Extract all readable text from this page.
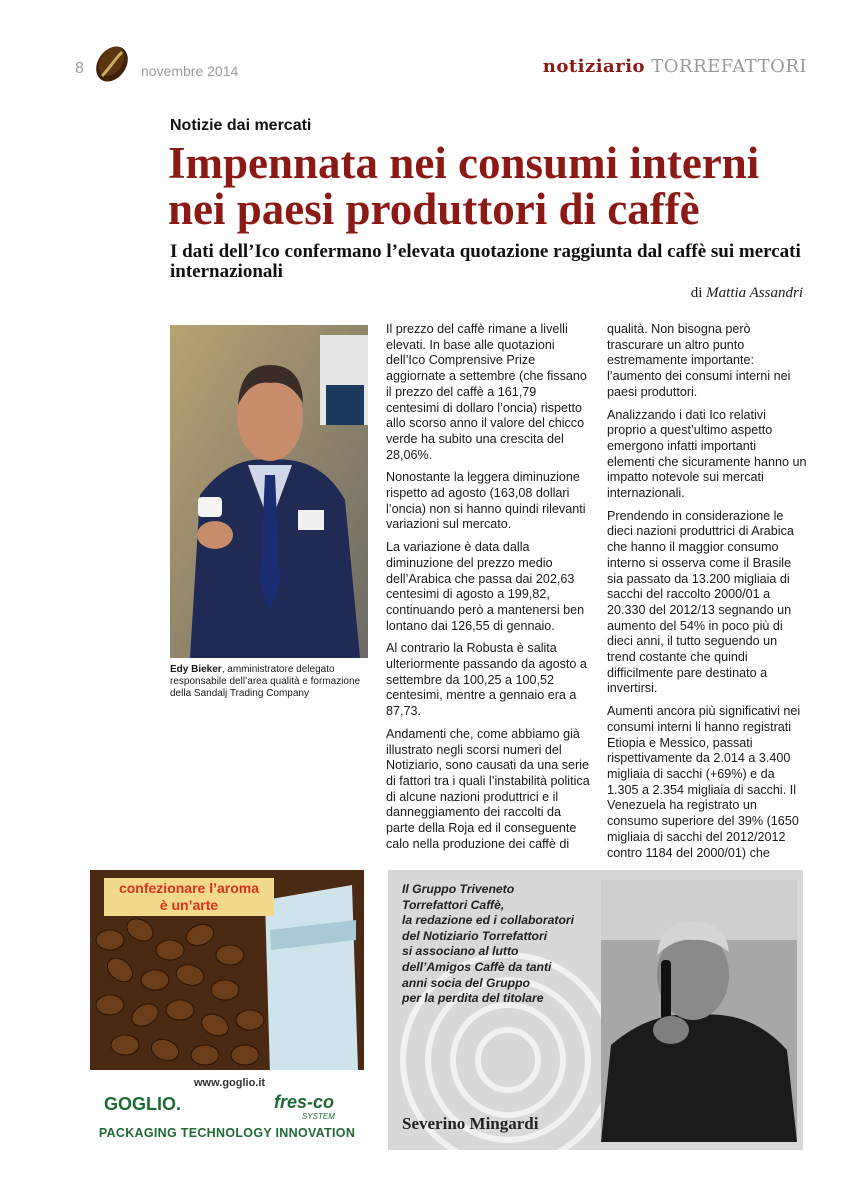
8	novembre 2014	notiziario TORREFATTORI
Notizie dai mercati
Impennata nei consumi interni nei paesi produttori di caffè
I dati dell’Ico confermano l’elevata quotazione raggiunta dal caffè sui mercati internazionali
di Mattia Assandri
Edy Bieker, amministratore delegato responsabile dell’area qualità e formazione della Sandalj Trading Company

Il prezzo del caffè rimane a livelli elevati. In base alle quotazioni dell’Ico Comprensive Prize aggiornate a settembre (che fissano il prezzo del caffè a 161,79 centesimi di dollaro l’oncia) rispetto allo scorso anno il valore del chicco verde ha subito una crescita del 28,06%.

Nonostante la leggera diminuzione rispetto ad agosto (163,08 dollari l’oncia) non si hanno quindi rilevanti variazioni sul mercato.

La variazione è data dalla diminuzione del prezzo medio dell’Arabica che passa dai 202,63 centesimi di agosto a 199,82, continuando però a mantenersi ben lontano dai 126,55 di gennaio.

Al contrario la Robusta è salita ulteriormente passando da agosto a settembre da 100,25 a 100,52 centesimi, mentre a gennaio era a 87,73.

Andamenti che, come abbiamo già illustrato negli scorsi numeri del Notiziario, sono causati da una serie di fattori tra i quali l’instabilità politica di alcune nazioni produttrici e il danneggiamento dei raccolti da parte della Roja ed il conseguente calo nella produzione dei caffè di

qualità. Non bisogna però trascurare un altro punto estremamente importante: l’aumento dei consumi interni nei paesi produttori.

Analizzando i dati Ico relativi proprio a quest’ultimo aspetto emergono infatti importanti elementi che sicuramente hanno un impatto notevole sui mercati internazionali.

Prendendo in considerazione le dieci nazioni produttrici di Arabica che hanno il maggior consumo interno si osserva come il Brasile sia passato da 13.200 migliaia di sacchi del raccolto 2000/01 a 20.330 del 2012/13 segnando un aumento del 54% in poco più di dieci anni, il tutto seguendo un trend costante che quindi difficilmente pare destinato a invertirsi.

Aumenti ancora più significativi nei consumi interni li hanno registrati Etiopia e Messico, passati rispettivamente da 2.014 a 3.400 migliaia di sacchi (+69%) e da 1.305 a 2.354 migliaia di sacchi. Il Venezuela ha registrato un consumo superiore del 39% (1650 migliaia di sacchi del 2012/2012 contro 1184 del 2000/01) che

confezionare l’aroma
è un’arte
www.goglio.it
GOGLIO.	fres-co
SYSTEM
PACKAGING TECHNOLOGY INNOVATION
Il Gruppo Triveneto
Torrefattori Caffè,
la redazione ed i collaboratori
del Notiziario Torrefattori
si associano al lutto
dell’Amigos Caffè da tanti
anni socia del Gruppo
per la perdita del titolare
Severino Mingardi
